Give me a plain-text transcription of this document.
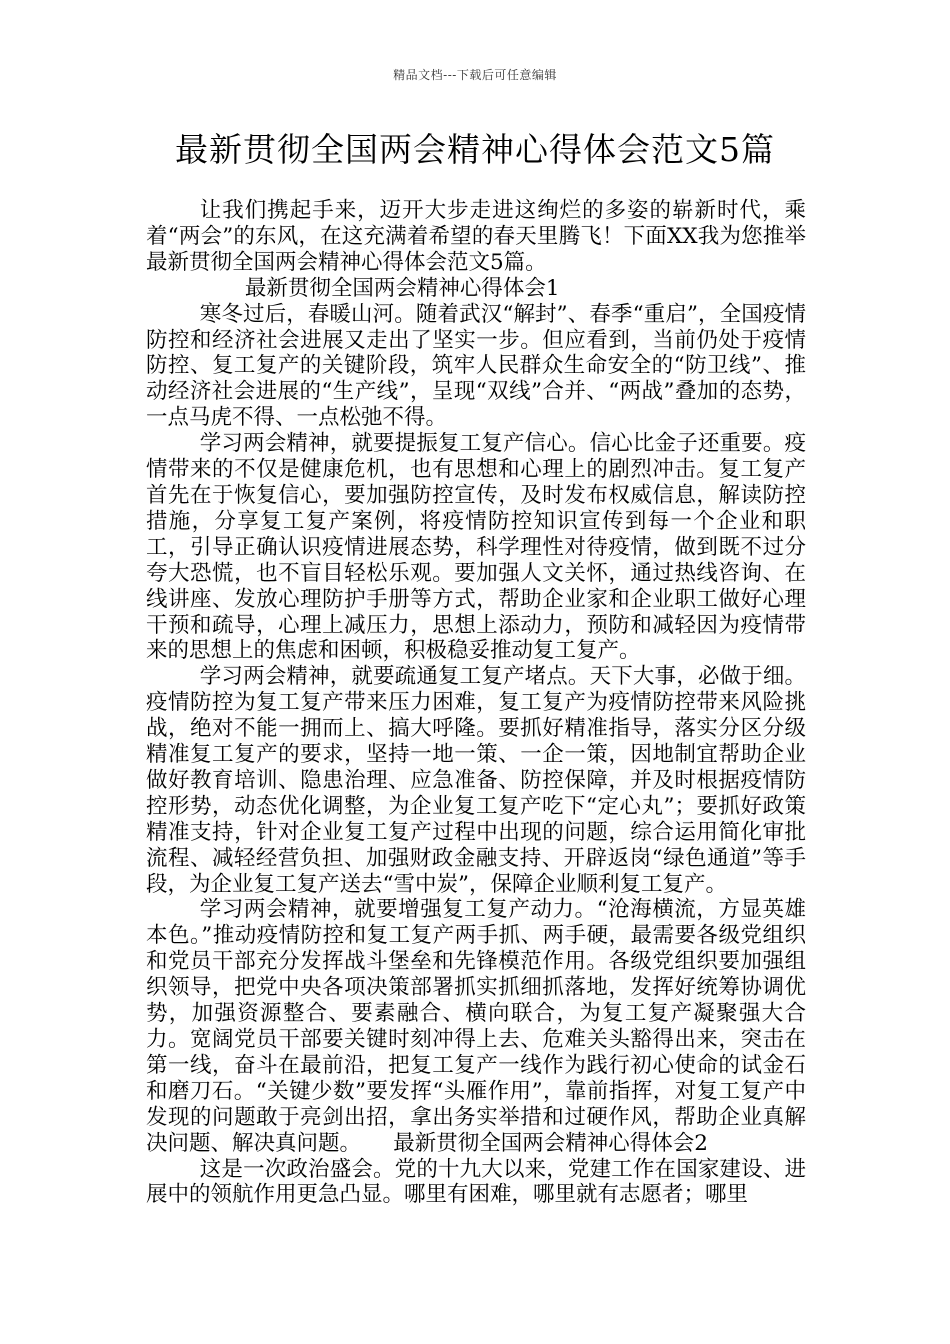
精品文档---下载后可任意编辑
最新贯彻全国两会精神心得体会范文5篇

让我们携起手来，迈开大步走进这绚烂的多姿的崭新时代，乘着“两会”的东风，在这充满着希望的春天里腾飞！下面XX我为您推举最新贯彻全国两会精神心得体会范文5篇。

最新贯彻全国两会精神心得体会1

寒冬过后，春暖山河。随着武汉“解封”、春季“重启”，全国疫情防控和经济社会进展又走出了坚实一步。但应看到，当前仍处于疫情防控、复工复产的关键阶段，筑牢人民群众生命安全的“防卫线”、推动经济社会进展的“生产线”，呈现“双线”合并、“两战”叠加的态势，一点马虎不得、一点松弛不得。

学习两会精神，就要提振复工复产信心。信心比金子还重要。疫情带来的不仅是健康危机，也有思想和心理上的剧烈冲击。复工复产首先在于恢复信心，要加强防控宣传，及时发布权威信息，解读防控措施，分享复工复产案例，将疫情防控知识宣传到每一个企业和职工，引导正确认识疫情进展态势，科学理性对待疫情，做到既不过分夸大恐慌，也不盲目轻松乐观。要加强人文关怀，通过热线咨询、在线讲座、发放心理防护手册等方式，帮助企业家和企业职工做好心理干预和疏导，心理上减压力，思想上添动力，预防和减轻因为疫情带来的思想上的焦虑和困顿，积极稳妥推动复工复产。

学习两会精神，就要疏通复工复产堵点。天下大事，必做于细。疫情防控为复工复产带来压力困难，复工复产为疫情防控带来风险挑战，绝对不能一拥而上、搞大呼隆。要抓好精准指导，落实分区分级精准复工复产的要求，坚持一地一策、一企一策，因地制宜帮助企业做好教育培训、隐患治理、应急准备、防控保障，并及时根据疫情防控形势，动态优化调整，为企业复工复产吃下“定心丸”；要抓好政策精准支持，针对企业复工复产过程中出现的问题，综合运用简化审批流程、减轻经营负担、加强财政金融支持、开辟返岗“绿色通道”等手段，为企业复工复产送去“雪中炭”，保障企业顺利复工复产。

学习两会精神，就要增强复工复产动力。“沧海横流，方显英雄本色。”推动疫情防控和复工复产两手抓、两手硬，最需要各级党组织和党员干部充分发挥战斗堡垒和先锋模范作用。各级党组织要加强组织领导，把党中央各项决策部署抓实抓细抓落地，发挥好统筹协调优势，加强资源整合、要素融合、横向联合，为复工复产凝聚强大合力。宽阔党员干部要关键时刻冲得上去、危难关头豁得出来，突击在第一线，奋斗在最前沿，把复工复产一线作为践行初心使命的试金石和磨刀石。“关键少数”要发挥“头雁作用”，靠前指挥，对复工复产中发现的问题敢于亮剑出招，拿出务实举措和过硬作风，帮助企业真解决问题、解决真问题。　　最新贯彻全国两会精神心得体会2

这是一次政治盛会。党的十九大以来，党建工作在国家建设、进展中的领航作用更急凸显。哪里有困难，哪里就有志愿者；哪里
